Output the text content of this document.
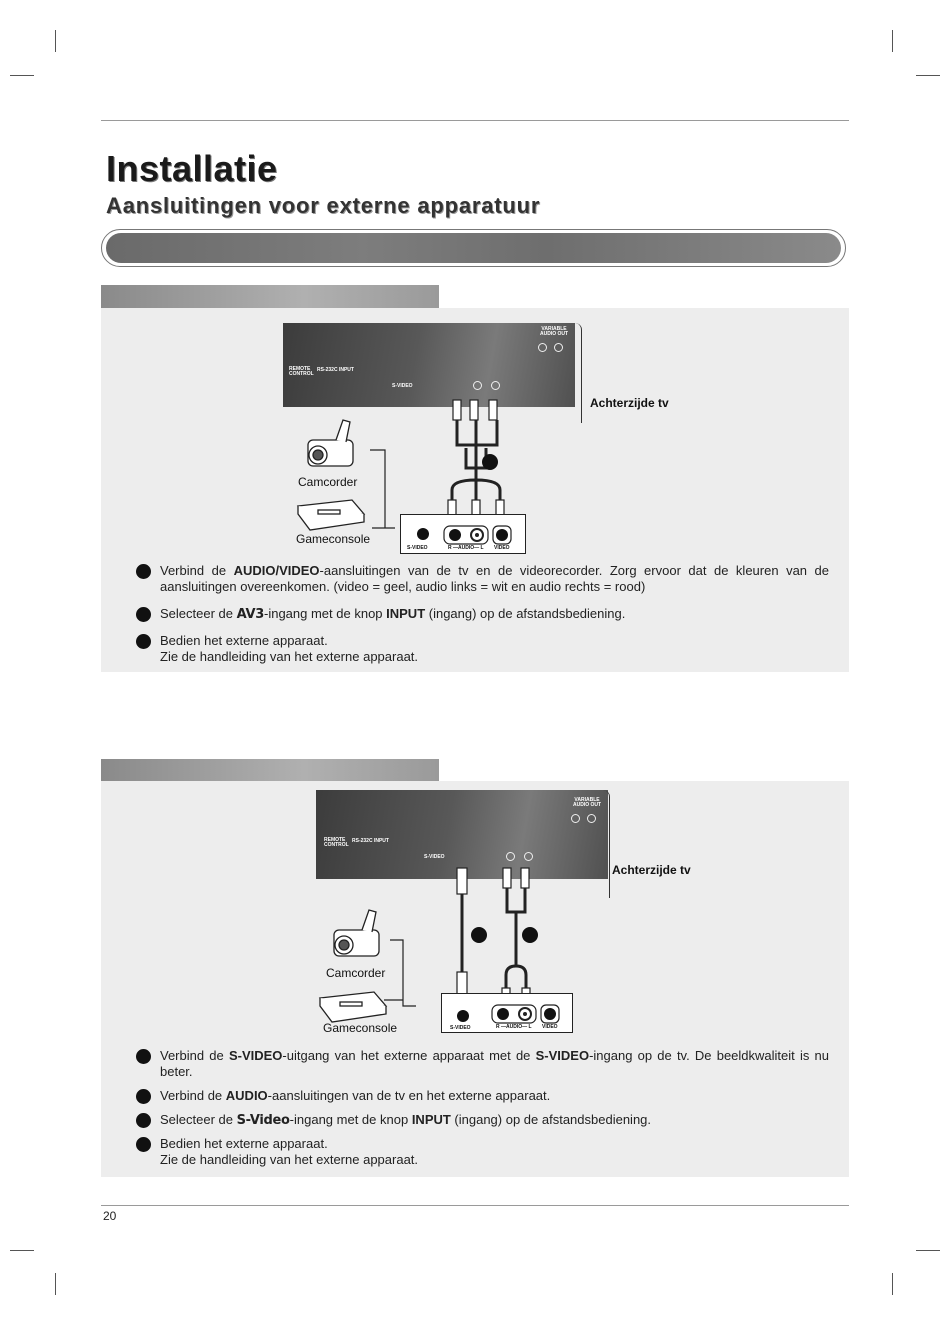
Installatie
Aansluitingen voor externe apparatuur
VARIABLE AUDIO OUT
REMOTE CONTROL
RS-232C INPUT
S-VIDEO
Achterzijde tv
Camcorder
Gameconsole
S-VIDEO	R —AUDIO— L VIDEO
Verbind de AUDIO/VIDEO-aansluitingen van de tv en de videorecorder. Zorg ervoor dat de kleuren van de aansluitingen overeenkomen. (video = geel, audio links = wit en audio rechts = rood)
Selecteer de AV3-ingang met de knop INPUT (ingang) op de afstandsbediening.
Bedien het externe apparaat.
Zie de handleiding van het externe apparaat.
VARIABLE AUDIO OUT
REMOTE CONTROL
RS-232C INPUT
S-VIDEO
Achterzijde tv
Camcorder
Gameconsole	S-VIDEO	R —AUDIO— L VIDEO
Verbind de S-VIDEO-uitgang van het externe apparaat met de S-VIDEO-ingang op de tv. De beeldkwaliteit is nu beter.
Verbind de AUDIO-aansluitingen van de tv en het externe apparaat.
Selecteer de S-Video-ingang met de knop INPUT (ingang) op de afstandsbediening.
Bedien het externe apparaat.
Zie de handleiding van het externe apparaat.
20
